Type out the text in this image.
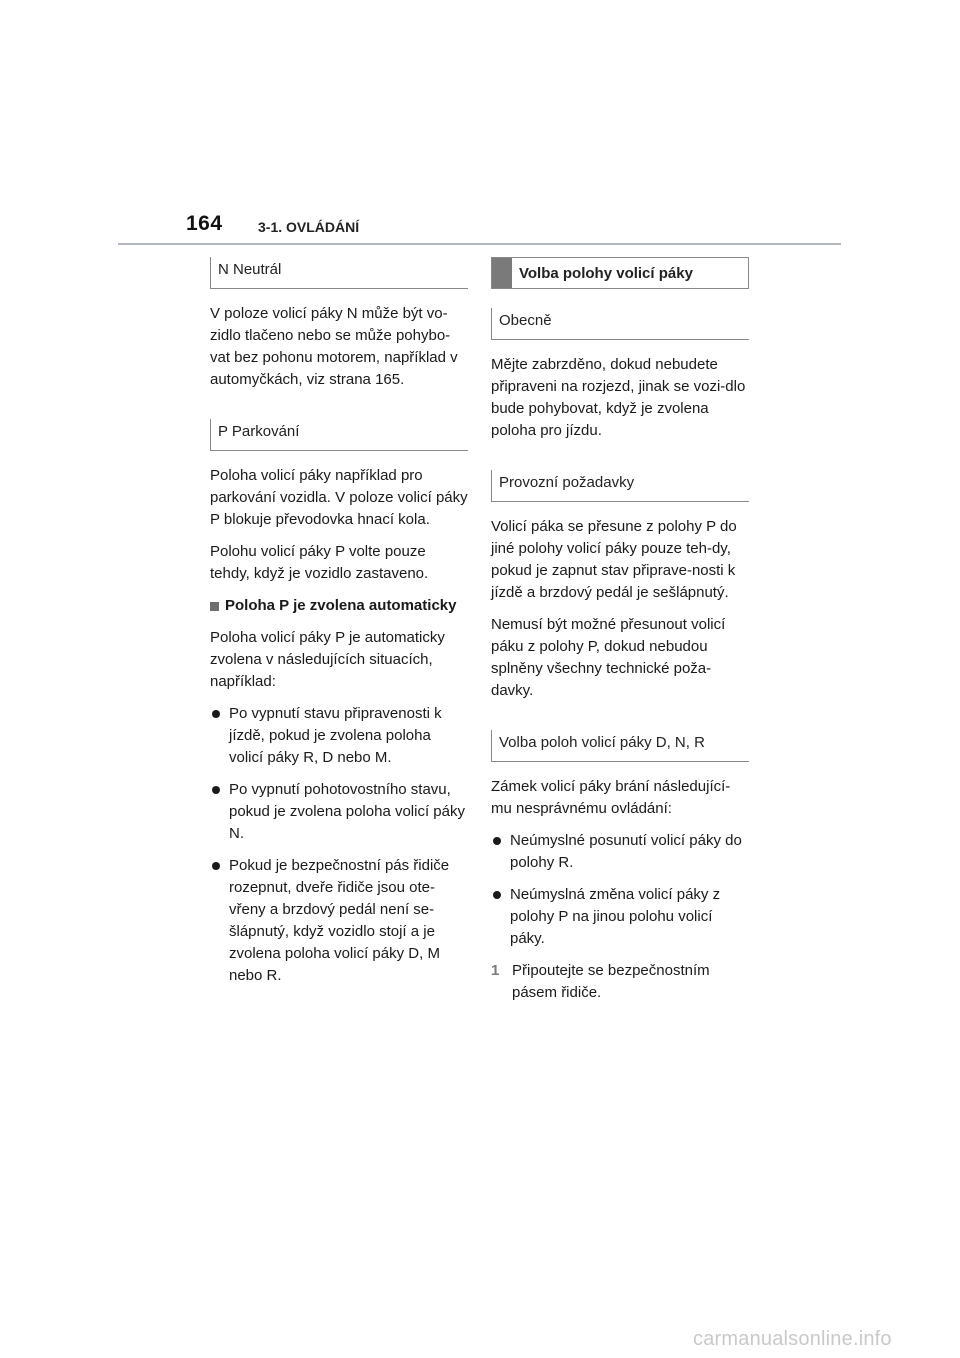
164	3-1. OVLÁDÁNÍ
N Neutrál

V poloze volicí páky N může být vo-zidlo tlačeno nebo se může pohybo-vat bez pohonu motorem, například v automyčkách, viz strana 165.

P Parkování

Poloha volicí páky například pro parkování vozidla. V poloze volicí páky P blokuje převodovka hnací kola.

Polohu volicí páky P volte pouze tehdy, když je vozidlo zastaveno.

Poloha P je zvolena automaticky

Poloha volicí páky P je automaticky zvolena v následujících situacích, například:

Po vypnutí stavu připravenosti k jízdě, pokud je zvolena poloha volicí páky R, D nebo M.
Po vypnutí pohotovostního stavu, pokud je zvolena poloha volicí páky N.
Pokud je bezpečnostní pás řidiče rozepnut, dveře řidiče jsou ote-vřeny a brzdový pedál není se-šlápnutý, když vozidlo stojí a je zvolena poloha volicí páky D, M nebo R.
Volba polohy volicí páky
Obecně

Mějte zabrzděno, dokud nebudete připraveni na rozjezd, jinak se vozi-dlo bude pohybovat, když je zvolena poloha pro jízdu.

Provozní požadavky

Volicí páka se přesune z polohy P do jiné polohy volicí páky pouze teh-dy, pokud je zapnut stav připrave-nosti k jízdě a brzdový pedál je sešlápnutý.

Nemusí být možné přesunout volicí páku z polohy P, dokud nebudou splněny všechny technické poža-davky.

Volba poloh volicí páky D, N, R

Zámek volicí páky brání následující-mu nesprávnému ovládání:

Neúmyslné posunutí volicí páky do polohy R.
Neúmyslná změna volicí páky z polohy P na jinou polohu volicí páky.
1 Připoutejte se bezpečnostním pásem řidiče.
carmanualsonline.info
